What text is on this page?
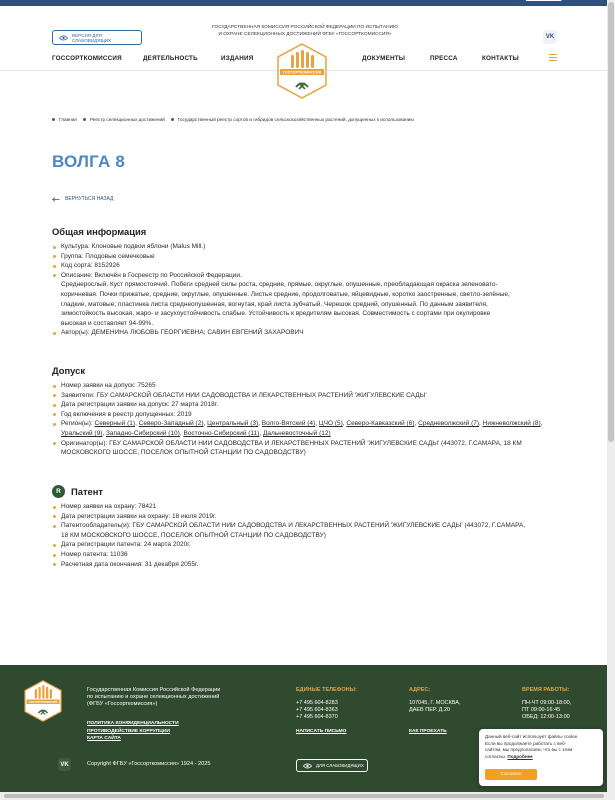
ВЕРСИЯ ДЛЯ СЛАБОВИДЯЩИХ
ГОСУДАРСТВЕННАЯ КОМИССИЯ РОССИЙСКОЙ ФЕДЕРАЦИИ ПО ИСПЫТАНИЮ
И ОХРАНЕ СЕЛЕКЦИОННЫХ ДОСТИЖЕНИЙ ФГБУ «ГОССОРТКОМИССИЯ»	VK
ГОССОРТКОМИССИЯ	ДЕЯТЕЛЬНОСТЬ	ИЗДАНИЯ	ДОКУМЕНТЫ	ПРЕССА	КОНТАКТЫ
ГОССОРТКОМИССИЯ
Главная	Реестр селекционных достижений	Государственный реестр сортов и гибридов сельскохозяйственных растений, допущенных к использованию
ВОЛГА 8
ВЕРНУТЬСЯ НАЗАД
Общая информация
Культура: Клоновые подвои яблони (Malus Mill.)
Группа: Плодовые семечковые
Код сорта: 8152926
Описание: Включён в Госреестр по Российской Федерации.
Среднерослый. Куст прямостоячий. Побеги средней силы роста, средние, прямые, округлые, опушенные, преобладающая окраска зеленовато-
коричневая. Почки прижатые, средние, округлые, опушенные. Листья средние, продолговатые, яйцевидные, коротко заостренные, светло-зелёные,
гладкие, матовые; пластинка листа среднеопушенная, вогнутая, край листа зубчатый. Черешок средний, опушенный. По данным заявителя,
зимостойкость высокая, жаро- и засухоустойчивость слабые. Устойчивость к вредителям высокая. Совместимость с сортами при окулировке
высокая и составляет 94-99%.
Автор(ы): ДЕМЕНИНА ЛЮБОВЬ ГЕОРГИЕВНА; САВИН ЕВГЕНИЙ ЗАХАРОВИЧ
Допуск
Номер заявки на допуск: 75265
Заявители: ГБУ САМАРСКОЙ ОБЛАСТИ НИИ САДОВОДСТВА И ЛЕКАРСТВЕННЫХ РАСТЕНИЙ 'ЖИГУЛЕВСКИЕ САДЫ'
Дата регистрации заявки на допуск: 27 марта 2018г.
Год включения в реестр допущенных: 2019
Регион(ы): Северный (1), Северо-Западный (2), Центральный (3), Волго-Вятский (4), ЦЧО (5), Северо-Кавказский (6), Средневолжский (7), Нижневолжский (8), Уральский (9), Западно-Сибирский (10), Восточно-Сибирский (11), Дальневосточный (12)
Оригинатор(ы): ГБУ САМАРСКОЙ ОБЛАСТИ НИИ САДОВОДСТВА И ЛЕКАРСТВЕННЫХ РАСТЕНИЙ 'ЖИГУЛЕВСКИЕ САДЫ' (443072, Г.САМАРА, 18 КМ
МОСКОВСКОГО ШОССЕ, ПОСЕЛОК ОПЫТНОЙ СТАНЦИИ ПО САДОВОДСТВУ)
R	Патент
Номер заявки на охрану: 78421
Дата регистрации заявки на охрану: 18 июля 2019г.
Патентообладатель(и): ГБУ САМАРСКОЙ ОБЛАСТИ НИИ САДОВОДСТВА И ЛЕКАРСТВЕННЫХ РАСТЕНИЙ 'ЖИГУЛЕВСКИЕ САДЫ' (443072, Г.САМАРА,
18 КМ МОСКОВСКОГО ШОССЕ, ПОСЕЛОК ОПЫТНОЙ СТАНЦИИ ПО САДОВОДСТВУ)
Дата регистрации патента: 24 марта 2020г.
Номер патента: 11036
Расчетная дата окончания: 31 декабря 2055г.
ГОССОРТКОМИССИЯ
Государственная Комиссия Российской Федерации
по испытанию и охране селекционных достижений
(ФГБУ «Госсорткомиссия»)
ПОЛИТИКА КОНФИДЕНЦИАЛЬНОСТИ
ПРОТИВОДЕЙСТВИЕ КОРРУПЦИИ
КАРТА САЙТА
ЕДИНЫЕ ТЕЛЕФОНЫ:
+7 495 604-8283
+7 495 604-8363
+7 495 604-8370
НАПИСАТЬ ПИСЬМО
АДРЕС:
107045, Г. МОСКВА,
ДАЕВ ПЕР. Д.20
КАК ПРОЕХАТЬ
ВРЕМЯ РАБОТЫ:
ПН-ЧТ 09:00-18:00,
ПТ 09:00-16:45
ОБЕД: 12:00-13:00
VK	Copyright ФГБУ «Госсорткомиссия» 1924 - 2025	ДЛЯ СЛАБОВИДЯЩИХ
Данный веб-сайт использует файлы cookie.
Если вы продолжаете работать с веб-
сайтом, мы предполагаем, что вы с этим
согласны. Подробнее
Согласен
